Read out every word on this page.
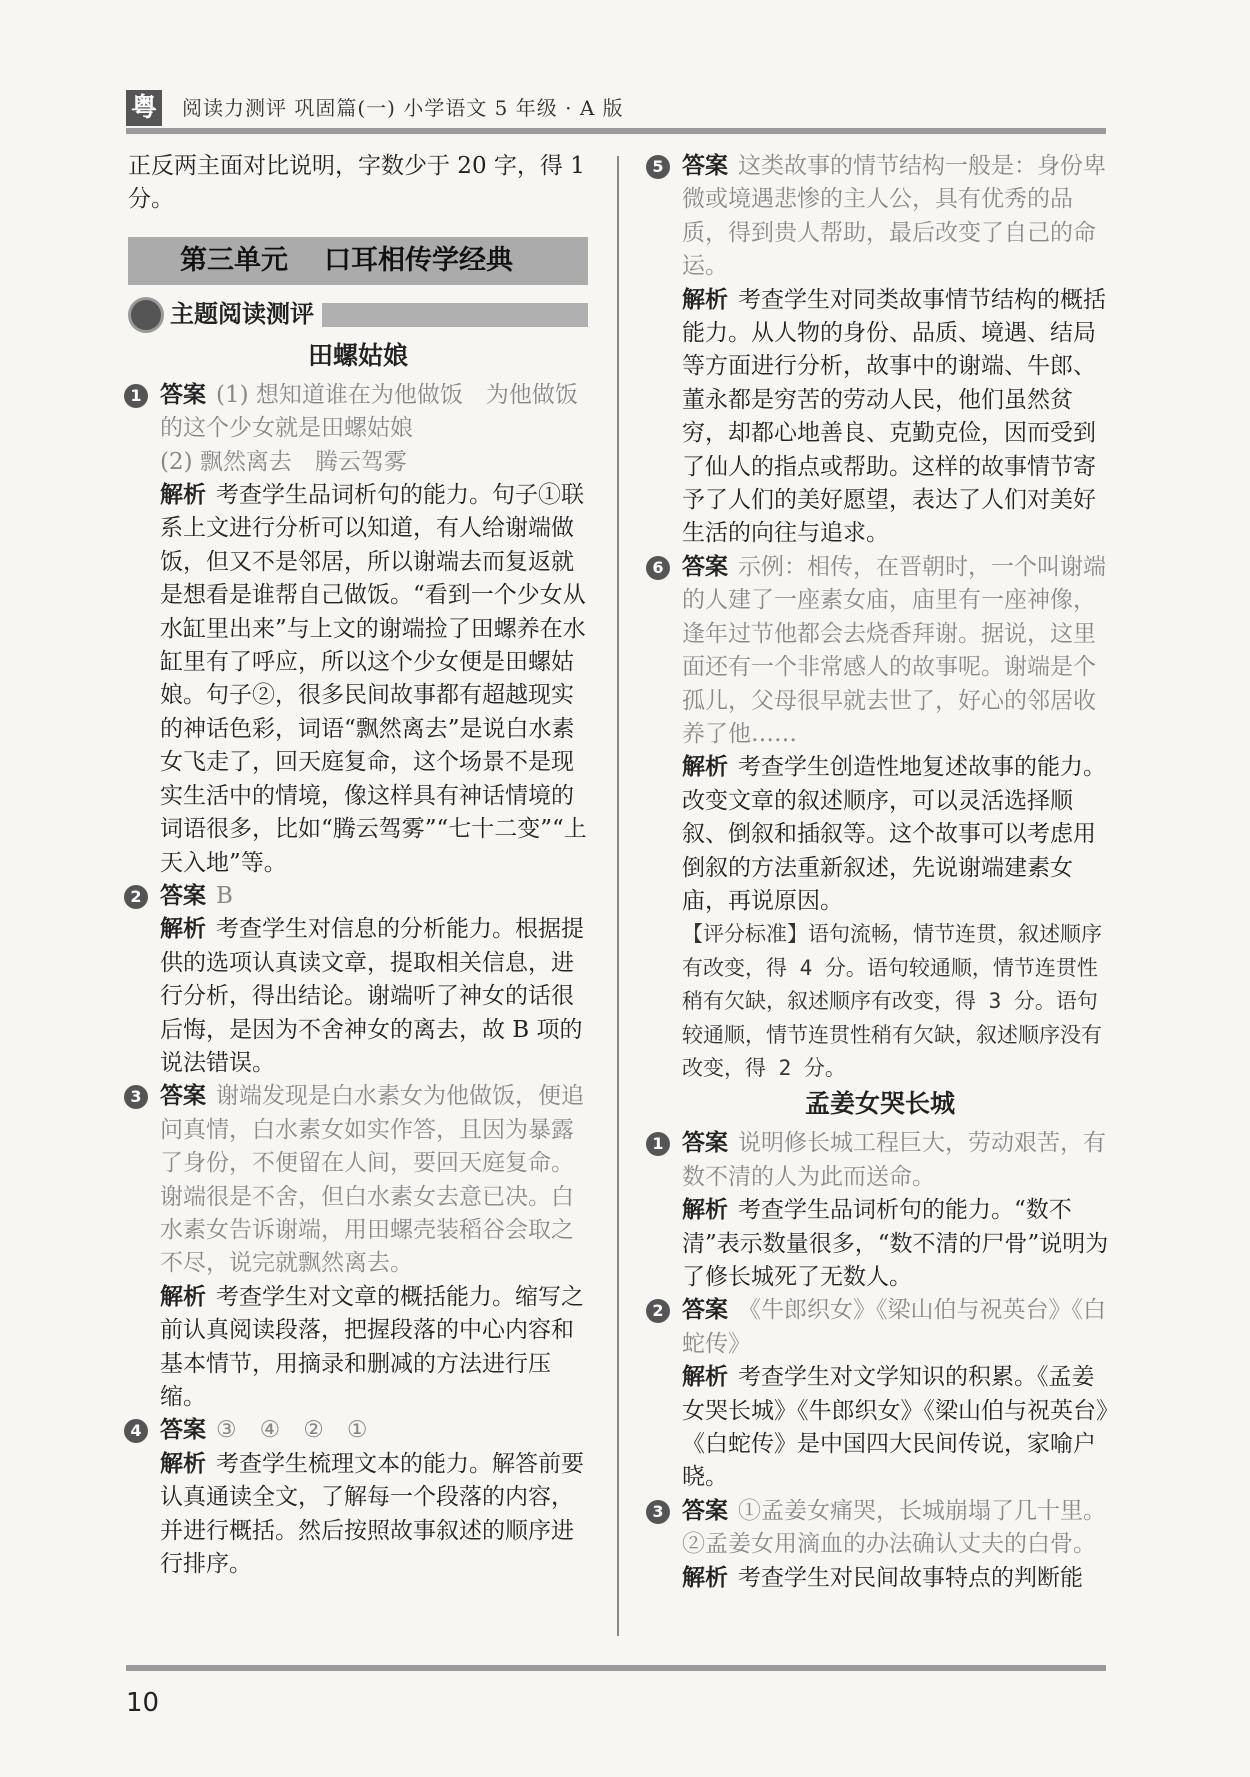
粤 阅读力测评 巩固篇(一) 小学语文 5 年级 · A 版

正反两主面对比说明，字数少于 20 字，得 1 分。

第三单元 口耳相传学经典
主题阅读测评
田螺姑娘
1 答案 (1) 想知道谁在为他做饭　为他做饭的这个少女就是田螺姑娘

(2) 飘然离去　腾云驾雾

解析 考查学生品词析句的能力。句子①联系上文进行分析可以知道，有人给谢端做饭，但又不是邻居，所以谢端去而复返就是想看是谁帮自己做饭。“看到一个少女从水缸里出来”与上文的谢端捡了田螺养在水缸里有了呼应，所以这个少女便是田螺姑娘。句子②，很多民间故事都有超越现实的神话色彩，词语“飘然离去”是说白水素女飞走了，回天庭复命，这个场景不是现实生活中的情境，像这样具有神话情境的词语很多，比如“腾云驾雾”“七十二变”“上天入地”等。

2 答案 B

解析 考查学生对信息的分析能力。根据提供的选项认真读文章，提取相关信息，进行分析，得出结论。谢端听了神女的话很后悔，是因为不舍神女的离去，故 B 项的说法错误。

3 答案 谢端发现是白水素女为他做饭，便追问真情，白水素女如实作答，且因为暴露了身份，不便留在人间，要回天庭复命。谢端很是不舍，但白水素女去意已决。白水素女告诉谢端，用田螺壳装稻谷会取之不尽，说完就飘然离去。

解析 考查学生对文章的概括能力。缩写之前认真阅读段落，把握段落的中心内容和基本情节，用摘录和删减的方法进行压缩。

4 答案 ③　④　②　①

解析 考查学生梳理文本的能力。解答前要认真通读全文，了解每一个段落的内容，并进行概括。然后按照故事叙述的顺序进行排序。

5 答案 这类故事的情节结构一般是：身份卑微或境遇悲惨的主人公，具有优秀的品质，得到贵人帮助，最后改变了自己的命运。

解析 考查学生对同类故事情节结构的概括能力。从人物的身份、品质、境遇、结局等方面进行分析，故事中的谢端、牛郎、董永都是穷苦的劳动人民，他们虽然贫穷，却都心地善良、克勤克俭，因而受到了仙人的指点或帮助。这样的故事情节寄予了人们的美好愿望，表达了人们对美好生活的向往与追求。

6 答案 示例：相传，在晋朝时，一个叫谢端的人建了一座素女庙，庙里有一座神像，逢年过节他都会去烧香拜谢。据说，这里面还有一个非常感人的故事呢。谢端是个孤儿，父母很早就去世了，好心的邻居收养了他……

解析 考查学生创造性地复述故事的能力。改变文章的叙述顺序，可以灵活选择顺叙、倒叙和插叙等。这个故事可以考虑用倒叙的方法重新叙述，先说谢端建素女庙，再说原因。

【评分标准】语句流畅，情节连贯，叙述顺序有改变，得 4 分。语句较通顺，情节连贯性稍有欠缺，叙述顺序有改变，得 3 分。语句较通顺，情节连贯性稍有欠缺，叙述顺序没有改变，得 2 分。

孟姜女哭长城
1 答案 说明修长城工程巨大，劳动艰苦，有数不清的人为此而送命。

解析 考查学生品词析句的能力。“数不清”表示数量很多，“数不清的尸骨”说明为了修长城死了无数人。

2 答案 《牛郎织女》《梁山伯与祝英台》《白蛇传》

解析 考查学生对文学知识的积累。《孟姜女哭长城》《牛郎织女》《梁山伯与祝英台》《白蛇传》是中国四大民间传说，家喻户晓。

3 答案 ①孟姜女痛哭，长城崩塌了几十里。②孟姜女用滴血的办法确认丈夫的白骨。

解析 考查学生对民间故事特点的判断能

10
